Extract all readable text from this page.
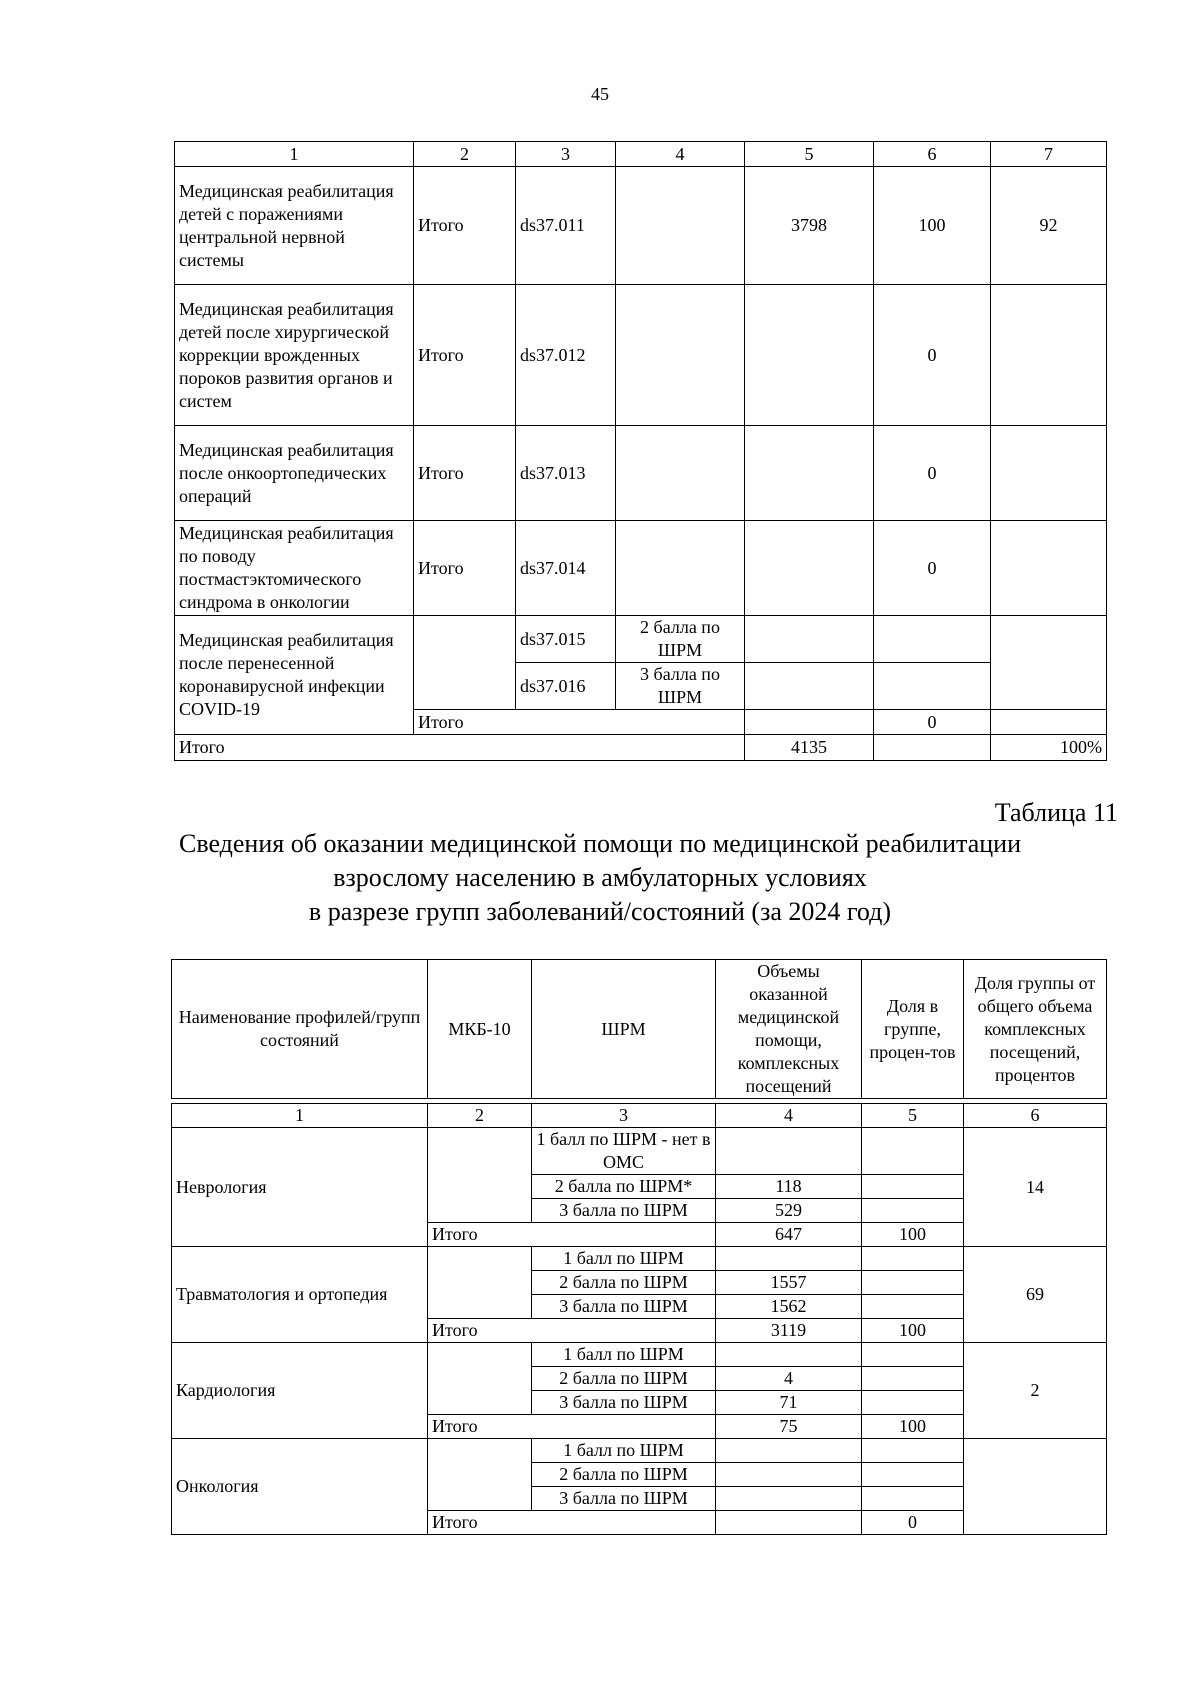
45
1	2	3	4	5	6	7
Медицинская реабилитация детей с поражениями центральной нервной системы	Итого	ds37.011		3798	100	92
Медицинская реабилитация детей после хирургической коррекции врожденных пороков развития органов и систем	Итого	ds37.012			0	
Медицинская реабилитация после онкоортопедических операций	Итого	ds37.013			0	
Медицинская реабилитация по поводу постмастэктомического синдрома в онкологии	Итого	ds37.014			0	
Медицинская реабилитация после перенесенной коронавирусной инфекции COVID-19		ds37.015	2 балла по ШРМ			
		ds37.016	3 балла по ШРМ			
	Итого				0	
Итого				4135		100%
Таблица 11
Сведения об оказании медицинской помощи по медицинской реабилитации
взрослому населению в амбулаторных условиях
в разрезе групп заболеваний/состояний (за 2024 год)
Наименование профилей/групп состояний	МКБ-10	ШРМ	Объемы оказанной медицинской помощи, комплексных посещений	Доля в группе, процен-тов	Доля группы от общего объема комплексных посещений, процентов
1	2	3	4	5	6
Неврология		1 балл по ШРМ - нет в ОМС			14
		2 балла по ШРМ*	118		
		3 балла по ШРМ	529		
	Итого		647	100	
Травматология и ортопедия		1 балл по ШРМ			69
		2 балла по ШРМ	1557		
		3 балла по ШРМ	1562		
	Итого		3119	100	
Кардиология		1 балл по ШРМ			2
		2 балла по ШРМ	4		
		3 балла по ШРМ	71		
	Итого		75	100	
Онкология		1 балл по ШРМ			
		2 балла по ШРМ			
		3 балла по ШРМ			
	Итого			0	
